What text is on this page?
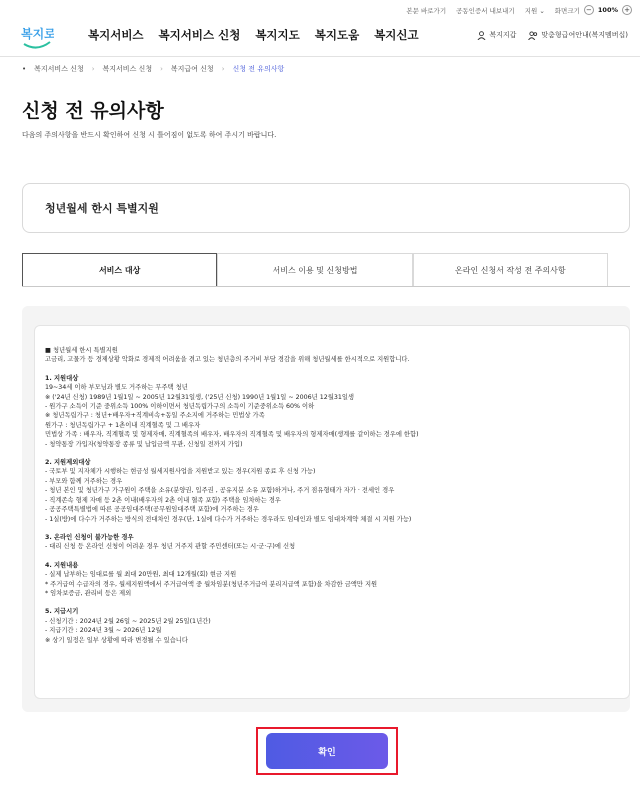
본문 바로가기 공동인증서 내보내기 지원 ⌄ 화면크기 − 100% +
복지로	복지서비스 복지서비스 신청 복지지도 복지도움 복지신고	복지지갑	맞춤형급여안내(복지멤버십)
• 복지서비스 신청 › 복지서비스 신청 › 복지급여 신청 › 신청 전 유의사항
신청 전 유의사항
다음의 주의사항을 반드시 확인하여 신청 시 틀어짐이 없도록 하여 주시기 바랍니다.
청년월세 한시 특별지원
서비스 대상	서비스 이용 및 신청방법	온라인 신청서 작성 전 주의사항
■ 청년월세 한시 특별지원
고금리, 고물가 등 경제상황 악화로 경제적 어려움을 겪고 있는 청년층의 주거비 부담 경감을 위해 청년월세를 한시적으로 지원합니다.
1. 지원대상
19~34세 이하 부모님과 별도 거주하는 무주택 청년
※ ('24년 신청) 1989년 1월1일 ~ 2005년 12월31일생, ('25년 신청) 1990년 1월1일 ~ 2006년 12월31일생
- 원가구 소득이 기준 중위소득 100% 이하이면서 청년독립가구의 소득이 기준중위소득 60% 이하
※ 청년독립가구 : 청년+배우자+직계비속+동일 주소지에 거주하는 민법상 가족
원가구 : 청년독립가구 + 1촌이내 직계혈족 및 그 배우자
민법상 가족 : 배우자, 직계혈족 및 형제자매, 직계혈족의 배우자, 배우자의 직계혈족 및 배우자의 형제자매(생계를 같이하는 경우에 한함)
- 청약통장 가입자(청약통장 종류 및 납입금액 무관, 신청일 전까지 가입)
2. 지원제외대상
- 국토부 및 지자체가 시행하는 현금성 월세지원사업을 지원받고 있는 경우(지원 종료 후 신청 가능)
- 부모와 함께 거주하는 경우
- 청년 본인 및 청년가구 가구원이 주택을 소유(분양권, 입주권 , 공유지분 소유 포함)하거나, 주거 점유형태가 자가 · 전세인 경우
- 직계존속 형제 자매 등 2촌 이내(배우자의 2촌 이내 혈족 포함) 주택을 임차하는 경우
- 공공주택특별법에 따른 공공임대주택(공무원임대주택 포함)에 거주하는 경우
- 1실(방)에 다수가 거주하는 방식의 전대차인 경우(단, 1실에 다수가 거주하는 경우라도 임대인과 별도 임대차계약 체결 시 지원 가능)
3. 온라인 신청이 불가능한 경우
- 대리 신청 등 온라인 신청이 어려운 경우 청년 거주지 관할 주민센터(또는 시·군·구)에 신청
4. 지원내용
- 실제 납부하는 임대료를 월 최대 20만원, 최대 12개월(회) 현금 지원
* 주거급여 수급자의 경우, 월세지원액에서 주거급여액 중 월차임분(청년주거급여 분리지급액 포함)을 차감한 금액만 지원
* 임차보증금, 관리비 등은 제외
5. 지급시기
- 신청기간 : 2024년 2월 26일 ~ 2025년 2월 25일(1년간)
- 지급기간 : 2024년 3월 ~ 2026년 12월
※ 상기 일정은 일부 상황에 따라 변경될 수 있습니다
확인
